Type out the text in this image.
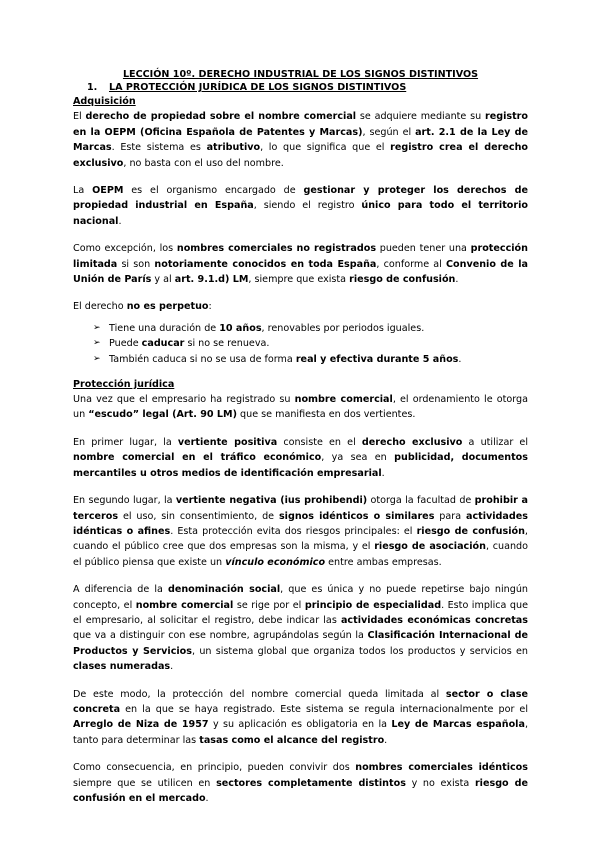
LECCIÓN 10º. DERECHO INDUSTRIAL DE LOS SIGNOS DISTINTIVOS
1. LA PROTECCIÓN JURÍDICA DE LOS SIGNOS DISTINTIVOS
Adquisición

El derecho de propiedad sobre el nombre comercial se adquiere mediante su registro en la OEPM (Oficina Española de Patentes y Marcas), según el art. 2.1 de la Ley de Marcas. Este sistema es atributivo, lo que significa que el registro crea el derecho exclusivo, no basta con el uso del nombre.

La OEPM es el organismo encargado de gestionar y proteger los derechos de propiedad industrial en España, siendo el registro único para todo el territorio nacional.

Como excepción, los nombres comerciales no registrados pueden tener una protección limitada si son notoriamente conocidos en toda España, conforme al Convenio de la Unión de París y al art. 9.1.d) LM, siempre que exista riesgo de confusión.

El derecho no es perpetuo:

➢ Tiene una duración de 10 años, renovables por periodos iguales.
➢ Puede caducar si no se renueva.
➢ También caduca si no se usa de forma real y efectiva durante 5 años.
Protección jurídica

Una vez que el empresario ha registrado su nombre comercial, el ordenamiento le otorga un “escudo” legal (Art. 90 LM) que se manifiesta en dos vertientes.

En primer lugar, la vertiente positiva consiste en el derecho exclusivo a utilizar el nombre comercial en el tráfico económico, ya sea en publicidad, documentos mercantiles u otros medios de identificación empresarial.

En segundo lugar, la vertiente negativa (ius prohibendi) otorga la facultad de prohibir a terceros el uso, sin consentimiento, de signos idénticos o similares para actividades idénticas o afines. Esta protección evita dos riesgos principales: el riesgo de confusión, cuando el público cree que dos empresas son la misma, y el riesgo de asociación, cuando el público piensa que existe un vínculo económico entre ambas empresas.

A diferencia de la denominación social, que es única y no puede repetirse bajo ningún concepto, el nombre comercial se rige por el principio de especialidad. Esto implica que el empresario, al solicitar el registro, debe indicar las actividades económicas concretas que va a distinguir con ese nombre, agrupándolas según la Clasificación Internacional de Productos y Servicios, un sistema global que organiza todos los productos y servicios en clases numeradas.

De este modo, la protección del nombre comercial queda limitada al sector o clase concreta en la que se haya registrado. Este sistema se regula internacionalmente por el Arreglo de Niza de 1957 y su aplicación es obligatoria en la Ley de Marcas española, tanto para determinar las tasas como el alcance del registro.

Como consecuencia, en principio, pueden convivir dos nombres comerciales idénticos siempre que se utilicen en sectores completamente distintos y no exista riesgo de confusión en el mercado.
